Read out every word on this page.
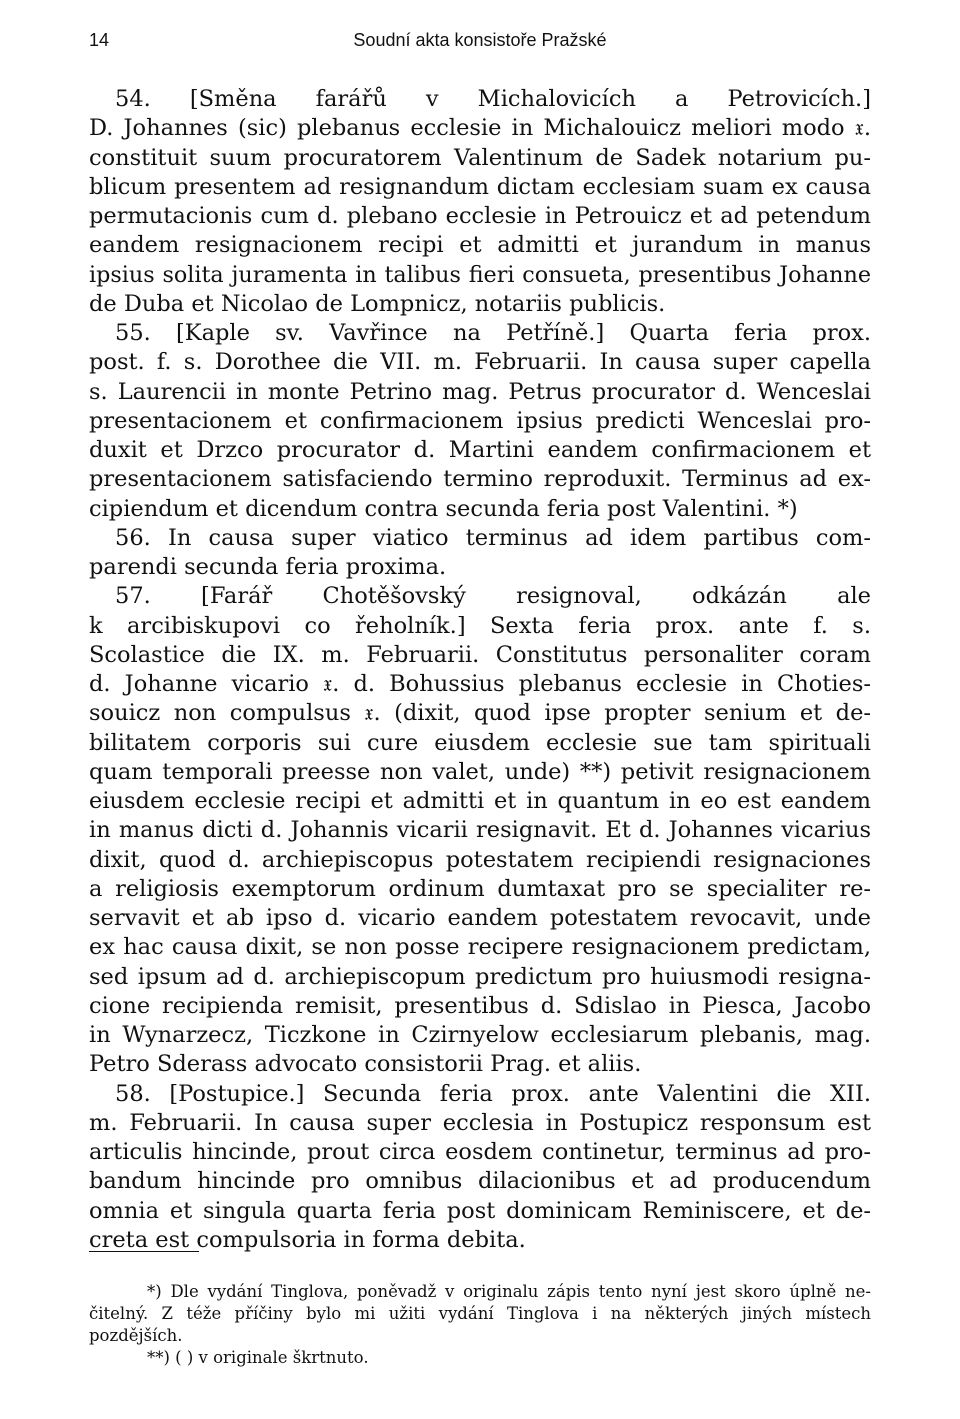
14	Soudní akta konsistoře Pražské
54. [Směna farářů v Michalovicích a Petrovicích.]
D. Johannes (sic) plebanus ecclesie in Michalouicz meliori modo 𝔵.
constituit suum procuratorem Valentinum de Sadek notarium pu-
blicum presentem ad resignandum dictam ecclesiam suam ex causa
permutacionis cum d. plebano ecclesie in Petrouicz et ad petendum
eandem resignacionem recipi et admitti et jurandum in manus
ipsius solita juramenta in talibus fieri consueta, presentibus Johanne
de Duba et Nicolao de Lompnicz, notariis publicis.
55. [Kaple sv. Vavřince na Petříně.] Quarta feria prox.
post. f. s. Dorothee die VII. m. Februarii. In causa super capella
s. Laurencii in monte Petrino mag. Petrus procurator d. Wenceslai
presentacionem et confirmacionem ipsius predicti Wenceslai pro-
duxit et Drzco procurator d. Martini eandem confirmacionem et
presentacionem satisfaciendo termino reproduxit. Terminus ad ex-
cipiendum et dicendum contra secunda feria post Valentini. *)
56. In causa super viatico terminus ad idem partibus com-
parendi secunda feria proxima.
57. [Farář Chotěšovský resignoval, odkázán ale
k arcibiskupovi co řeholník.] Sexta feria prox. ante f. s.
Scolastice die IX. m. Februarii. Constitutus personaliter coram
d. Johanne vicario 𝔵. d. Bohussius plebanus ecclesie in Choties-
souicz non compulsus 𝔵. (dixit, quod ipse propter senium et de-
bilitatem corporis sui cure eiusdem ecclesie sue tam spirituali
quam temporali preesse non valet, unde) **) petivit resignacionem
eiusdem ecclesie recipi et admitti et in quantum in eo est eandem
in manus dicti d. Johannis vicarii resignavit. Et d. Johannes vicarius
dixit, quod d. archiepiscopus potestatem recipiendi resignaciones
a religiosis exemptorum ordinum dumtaxat pro se specialiter re-
servavit et ab ipso d. vicario eandem potestatem revocavit, unde
ex hac causa dixit, se non posse recipere resignacionem predictam,
sed ipsum ad d. archiepiscopum predictum pro huiusmodi resigna-
cione recipienda remisit, presentibus d. Sdislao in Piesca, Jacobo
in Wynarzecz, Ticzkone in Czirnyelow ecclesiarum plebanis, mag.
Petro Sderass advocato consistorii Prag. et aliis.
58. [Postupice.] Secunda feria prox. ante Valentini die XII.
m. Februarii. In causa super ecclesia in Postupicz responsum est
articulis hincinde, prout circa eosdem continetur, terminus ad pro-
bandum hincinde pro omnibus dilacionibus et ad producendum
omnia et singula quarta feria post dominicam Reminiscere, et de-
creta est compulsoria in forma debita.
*) Dle vydání Tinglova, poněvadž v originalu zápis tento nyní jest skoro úplně ne-
čitelný. Z téže příčiny bylo mi užiti vydání Tinglova i na některých jiných místech
pozdějších.
**) ( ) v originale škrtnuto.
